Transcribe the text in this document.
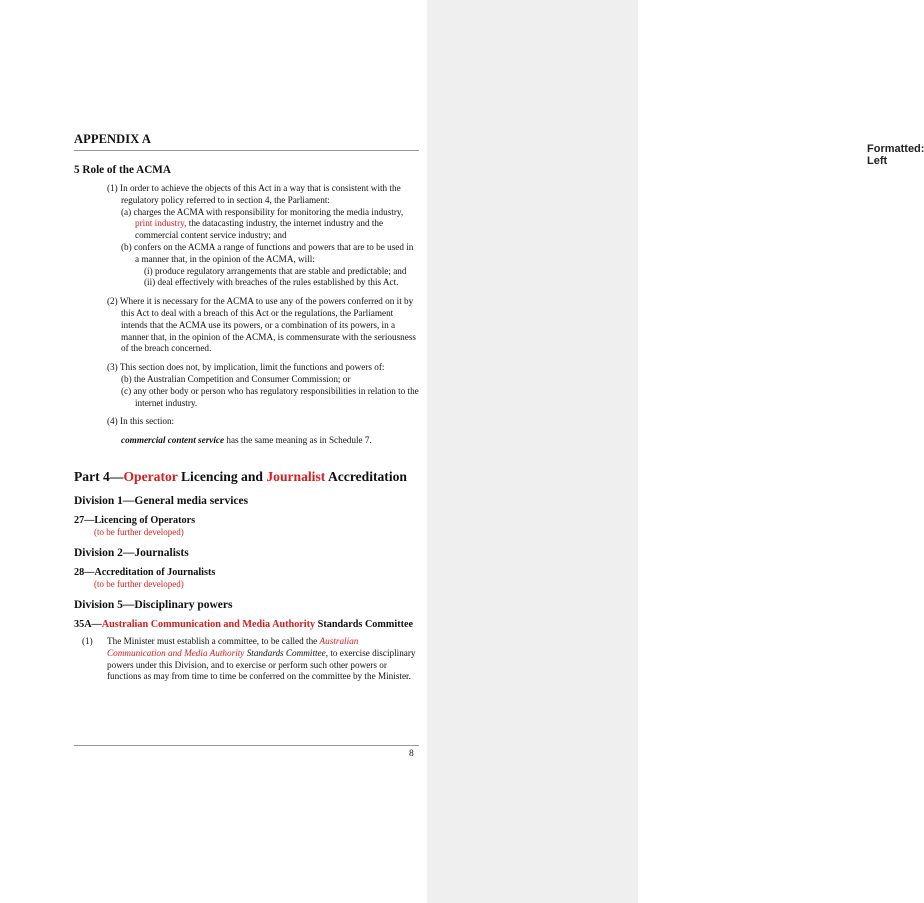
Formatted: Left
APPENDIX A
5 Role of the ACMA
(1) In order to achieve the objects of this Act in a way that is consistent with the regulatory policy referred to in section 4, the Parliament:
(a) charges the ACMA with responsibility for monitoring the media industry, print industry, the datacasting industry, the internet industry and the commercial content service industry; and
(b) confers on the ACMA a range of functions and powers that are to be used in a manner that, in the opinion of the ACMA, will:
(i) produce regulatory arrangements that are stable and predictable; and
(ii) deal effectively with breaches of the rules established by this Act.
(2) Where it is necessary for the ACMA to use any of the powers conferred on it by this Act to deal with a breach of this Act or the regulations, the Parliament intends that the ACMA use its powers, or a combination of its powers, in a manner that, in the opinion of the ACMA, is commensurate with the seriousness of the breach concerned.
(3) This section does not, by implication, limit the functions and powers of:
(b) the Australian Competition and Consumer Commission; or
(c) any other body or person who has regulatory responsibilities in relation to the internet industry.
(4) In this section:
commercial content service has the same meaning as in Schedule 7.
Part 4—Operator Licencing and Journalist Accreditation
Division 1—General media services
27—Licencing of Operators
(to be further developed)
Division 2—Journalists
28—Accreditation of Journalists
(to be further developed)
Division 5—Disciplinary powers
35A—Australian Communication and Media Authority Standards Committee
(1)	The Minister must establish a committee, to be called the Australian Communication and Media Authority Standards Committee, to exercise disciplinary powers under this Division, and to exercise or perform such other powers or functions as may from time to time be conferred on the committee by the Minister.
8
